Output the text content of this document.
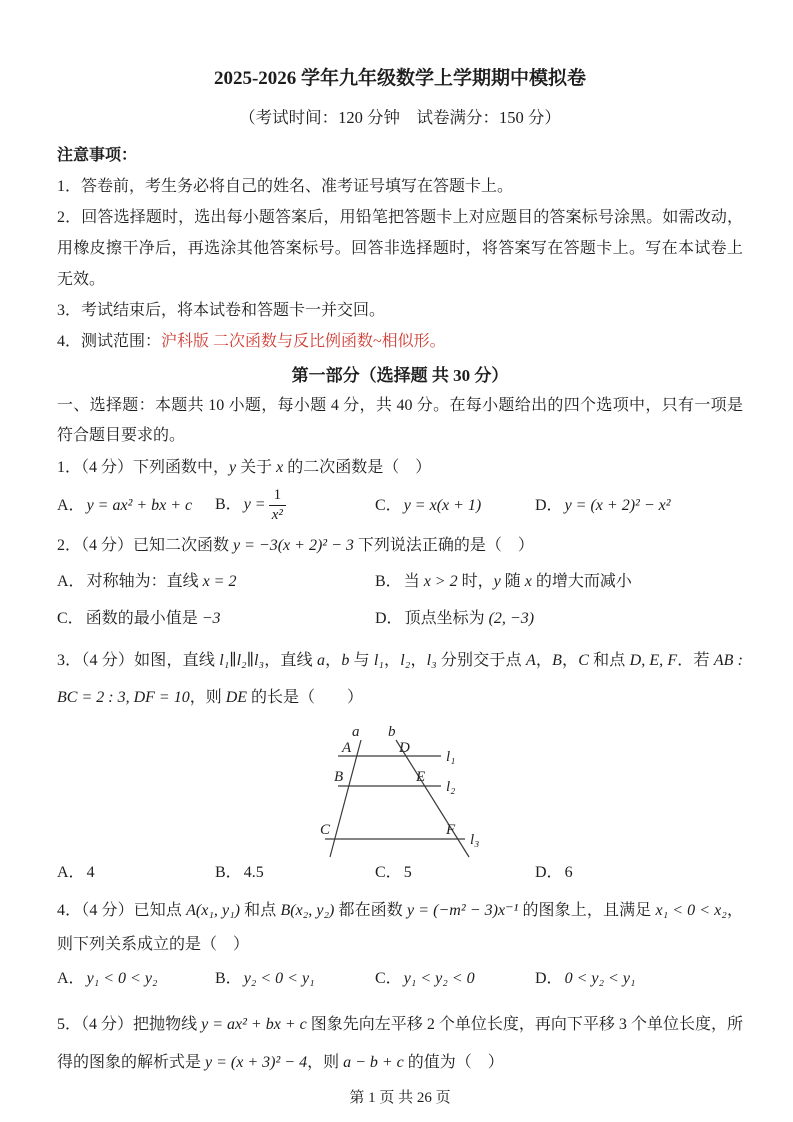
2025-2026 学年九年级数学上学期期中模拟卷
（考试时间：120 分钟　试卷满分：150 分）

注意事项：

1．答卷前，考生务必将自己的姓名、准考证号填写在答题卡上。

2．回答选择题时，选出每小题答案后，用铅笔把答题卡上对应题目的答案标号涂黑。如需改动，用橡皮擦干净后，再选涂其他答案标号。回答非选择题时，将答案写在答题卡上。写在本试卷上无效。

3．考试结束后，将本试卷和答题卡一并交回。

4．测试范围：沪科版 二次函数与反比例函数~相似形。

第一部分（选择题 共 30 分）

一、选择题：本题共 10 小题，每小题 4 分，共 40 分。在每小题给出的四个选项中，只有一项是符合题目要求的。

1．（4 分）下列函数中，y 关于 x 的二次函数是（　）

A． y = ax² + bx + c	B． $y = \frac{1}{\text{x²}}$	C． y = x(x + 1)	D． y = (x + 2)² − x²

2．（4 分）已知二次函数 y = −3(x + 2)² − 3 下列说法正确的是（　）

A． 对称轴为：直线 x = 2	B． 当 x > 2 时，y 随 x 的增大而减小
C． 函数的最小值是 −3	D． 顶点坐标为 (2, −3)

3．（4 分）如图，直线 l₁∥l₂∥l₃，直线 a，b 与 l₁，l₂，l₃ 分别交于点 A，B，C 和点 D, E, F．若 AB : BC = 2 : 3, DF = 10，则 DE 的长是（　　）

a b
A	D
B	E
C	F
l₁
l₂
l₃
A． 4	B． 4.5	C． 5	D． 6

4．（4 分）已知点 A(x₁, y₁) 和点 B(x₂, y₂) 都在函数 y = (−m² − 3)x⁻¹ 的图象上，且满足 x₁ < 0 < x₂，则下列关系成立的是（　）

A． y₁ < 0 < y₂	B． y₂ < 0 < y₁	C． y₁ < y₂ < 0	D． 0 < y₂ < y₁

5．（4 分）把抛物线 y = ax² + bx + c 图象先向左平移 2 个单位长度，再向下平移 3 个单位长度，所得的图象的解析式是 y = (x + 3)² − 4，则 a − b + c 的值为（　）

第 1 页 共 26 页
